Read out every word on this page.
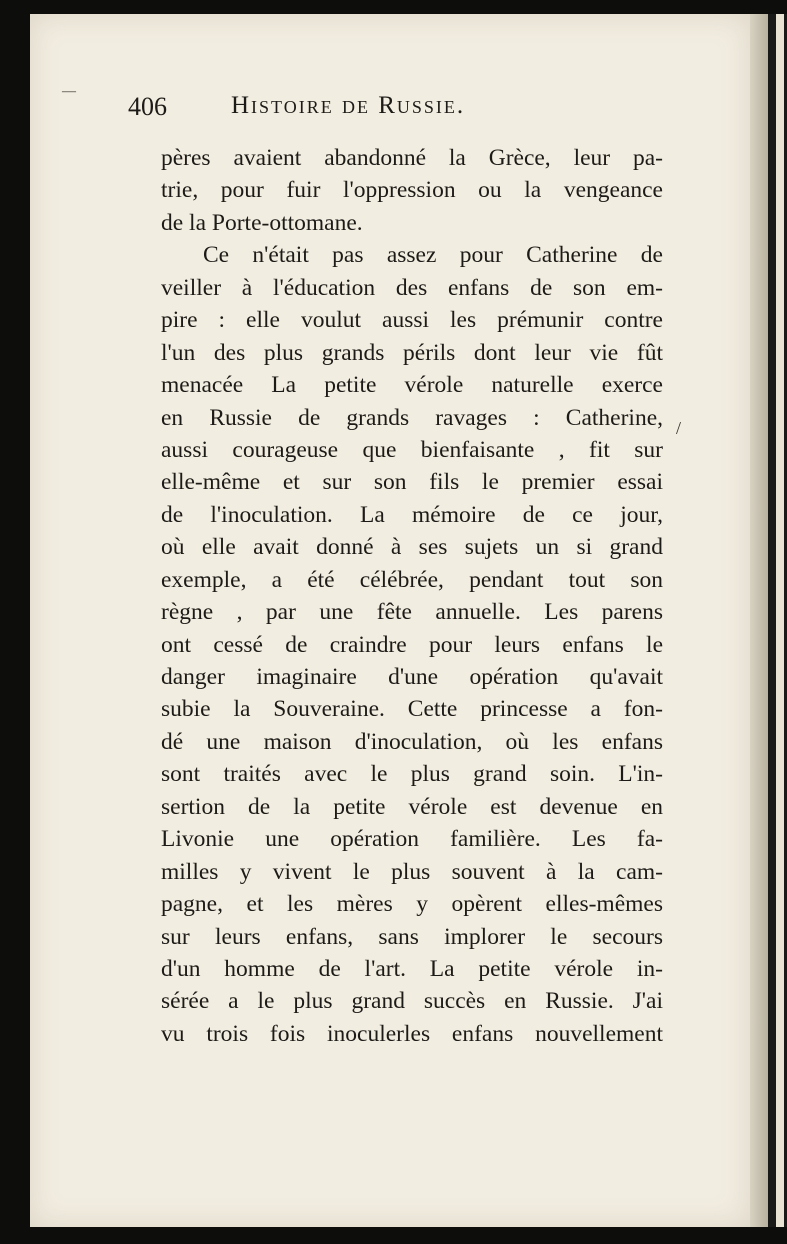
406	Histoire de Russie.
pères avaient abandonné la Grèce, leur pa-
trie, pour fuir l'oppression ou la vengeance
de la Porte-ottomane.
Ce n'était pas assez pour Catherine de
veiller à l'éducation des enfans de son em-
pire : elle voulut aussi les prémunir contre
l'un des plus grands périls dont leur vie fût
menacée La petite vérole naturelle exerce
en Russie de grands ravages : Catherine,
aussi courageuse que bienfaisante , fit sur
elle-même et sur son fils le premier essai
de l'inoculation. La mémoire de ce jour,
où elle avait donné à ses sujets un si grand
exemple, a été célébrée, pendant tout son
règne , par une fête annuelle. Les parens
ont cessé de craindre pour leurs enfans le
danger imaginaire d'une opération qu'avait
subie la Souveraine. Cette princesse a fon-
dé une maison d'inoculation, où les enfans
sont traités avec le plus grand soin. L'in-
sertion de la petite vérole est devenue en
Livonie une opération familière. Les fa-
milles y vivent le plus souvent à la cam-
pagne, et les mères y opèrent elles-mêmes
sur leurs enfans, sans implorer le secours
d'un homme de l'art. La petite vérole in-
sérée a le plus grand succès en Russie. J'ai
vu trois fois inoculerles enfans nouvellement
—
/
